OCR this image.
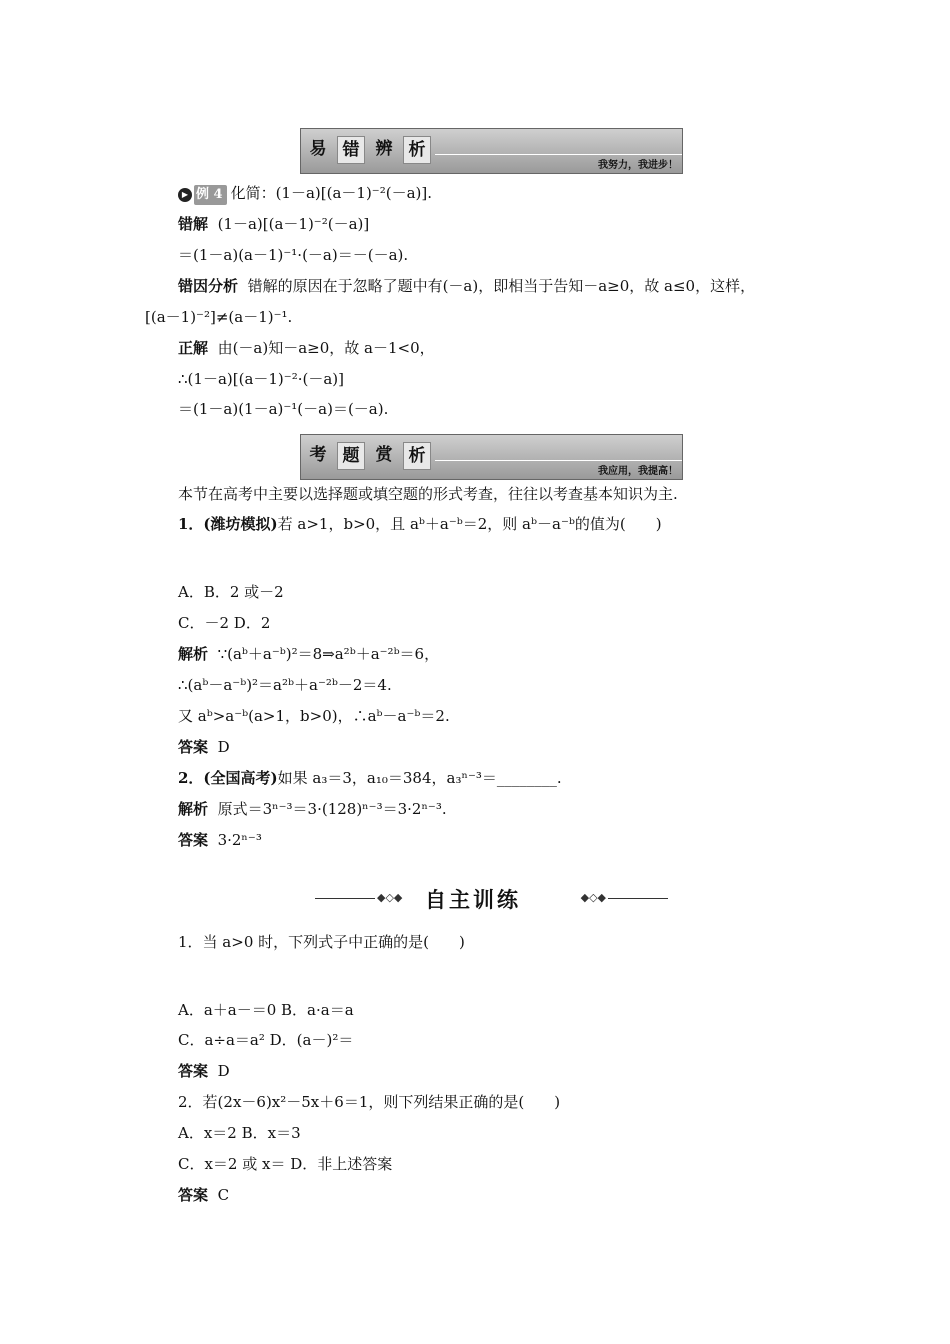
易 错 辨 析
我努力，我进步！
▶ 例 4 化简：(1－a)[(a－1)⁻²(－a)].
错解 (1－a)[(a－1)⁻²(－a)]
＝(1－a)(a－1)⁻¹·(－a)＝－(－a).
错因分析 错解的原因在于忽略了题中有(－a)，即相当于告知－a≥0，故 a≤0，这样，
[(a－1)⁻²]≠(a－1)⁻¹.
正解 由(－a)知－a≥0，故 a－1<0，
∴(1－a)[(a－1)⁻²·(－a)]
＝(1－a)(1－a)⁻¹(－a)＝(－a).
考 题 赏 析
我应用，我提高！
本节在高考中主要以选择题或填空题的形式考查，往往以考查基本知识为主.
1．(潍坊模拟)若 a>1，b>0，且 aᵇ＋a⁻ᵇ＝2，则 aᵇ－a⁻ᵇ的值为(　　)
A．B．2 或－2
C．－2 D．2
解析 ∵(aᵇ＋a⁻ᵇ)²＝8⇒a²ᵇ＋a⁻²ᵇ＝6，
∴(aᵇ－a⁻ᵇ)²＝a²ᵇ＋a⁻²ᵇ－2＝4.
又 aᵇ>a⁻ᵇ(a>1，b>0)，∴aᵇ－a⁻ᵇ＝2.
答案 D
2．(全国高考)如果 a₃＝3，a₁₀＝384，a₃ⁿ⁻³＝________.
解析 原式＝3ⁿ⁻³＝3·(128)ⁿ⁻³＝3·2ⁿ⁻³.
答案 3·2ⁿ⁻³
◆◇◆ 自主训练	◆◇◆
1．当 a>0 时，下列式子中正确的是(　　)
A．a＋a－＝0 B．a·a＝a
C．a÷a＝a² D．(a－)²＝
答案 D
2．若(2x－6)x²－5x＋6＝1，则下列结果正确的是(　　)
A．x＝2 B．x＝3
C．x＝2 或 x＝ D．非上述答案
答案 C
